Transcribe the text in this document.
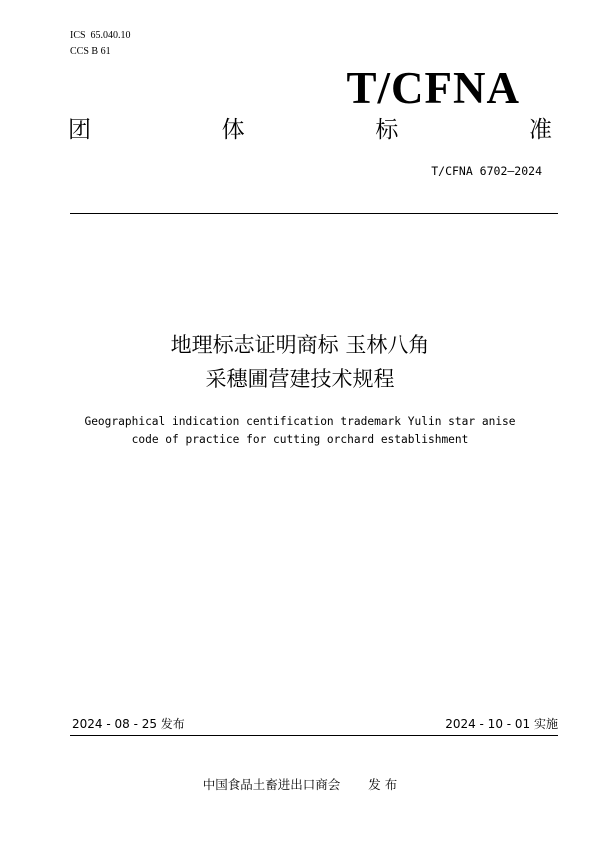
ICS  65.040.10
CCS B 61
T/CFNA
团	体	标	准
T/CFNA 6702—2024
地理标志证明商标 玉林八角
采穗圃营建技术规程
Geographical indication centification trademark Yulin star anise
code of practice for cutting orchard establishment
2024 - 08 - 25 发布	2024 - 10 - 01 实施
中国食品土畜进出口商会 发 布
